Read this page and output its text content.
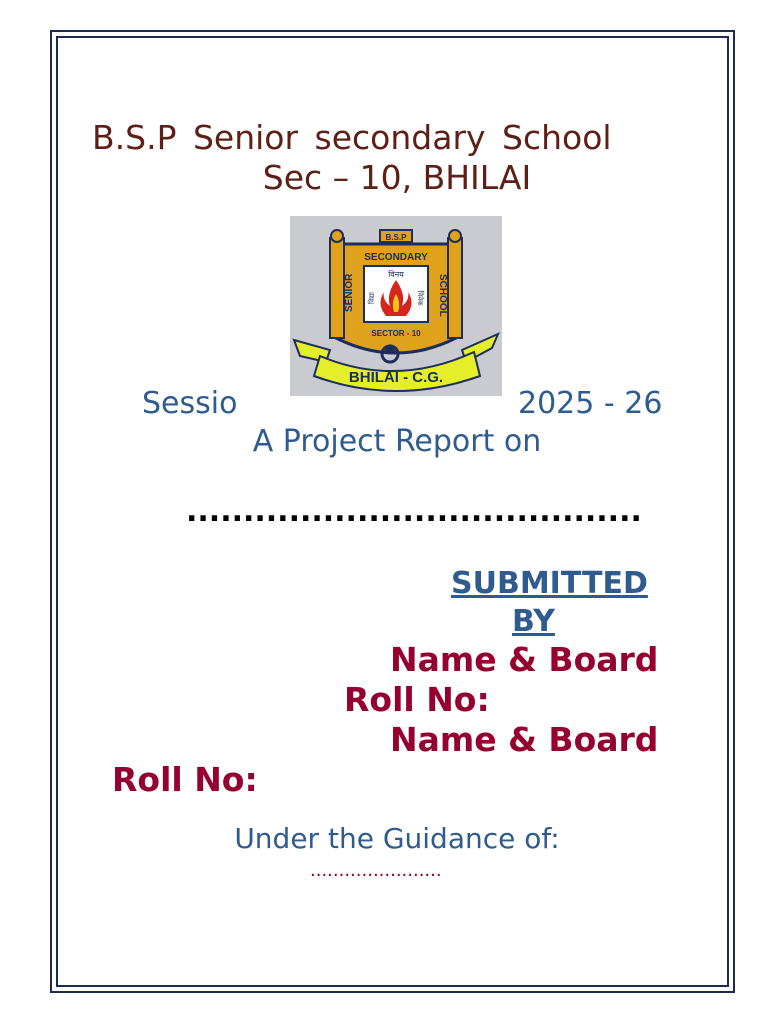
B.S.P Senior secondary School
Sec – 10, BHILAI
B.S.P
SECONDARY
SENIOR	SCHOOL
विनय
विद्या	विवेक
SECTOR - 10
BHILAI - C.G.
Sessio	2025 - 26
A Project Report on
........................................
SUBMITTED
BY
Name & Board
Roll No:
Name & Board
Roll No:
Under the Guidance of:
.......................
